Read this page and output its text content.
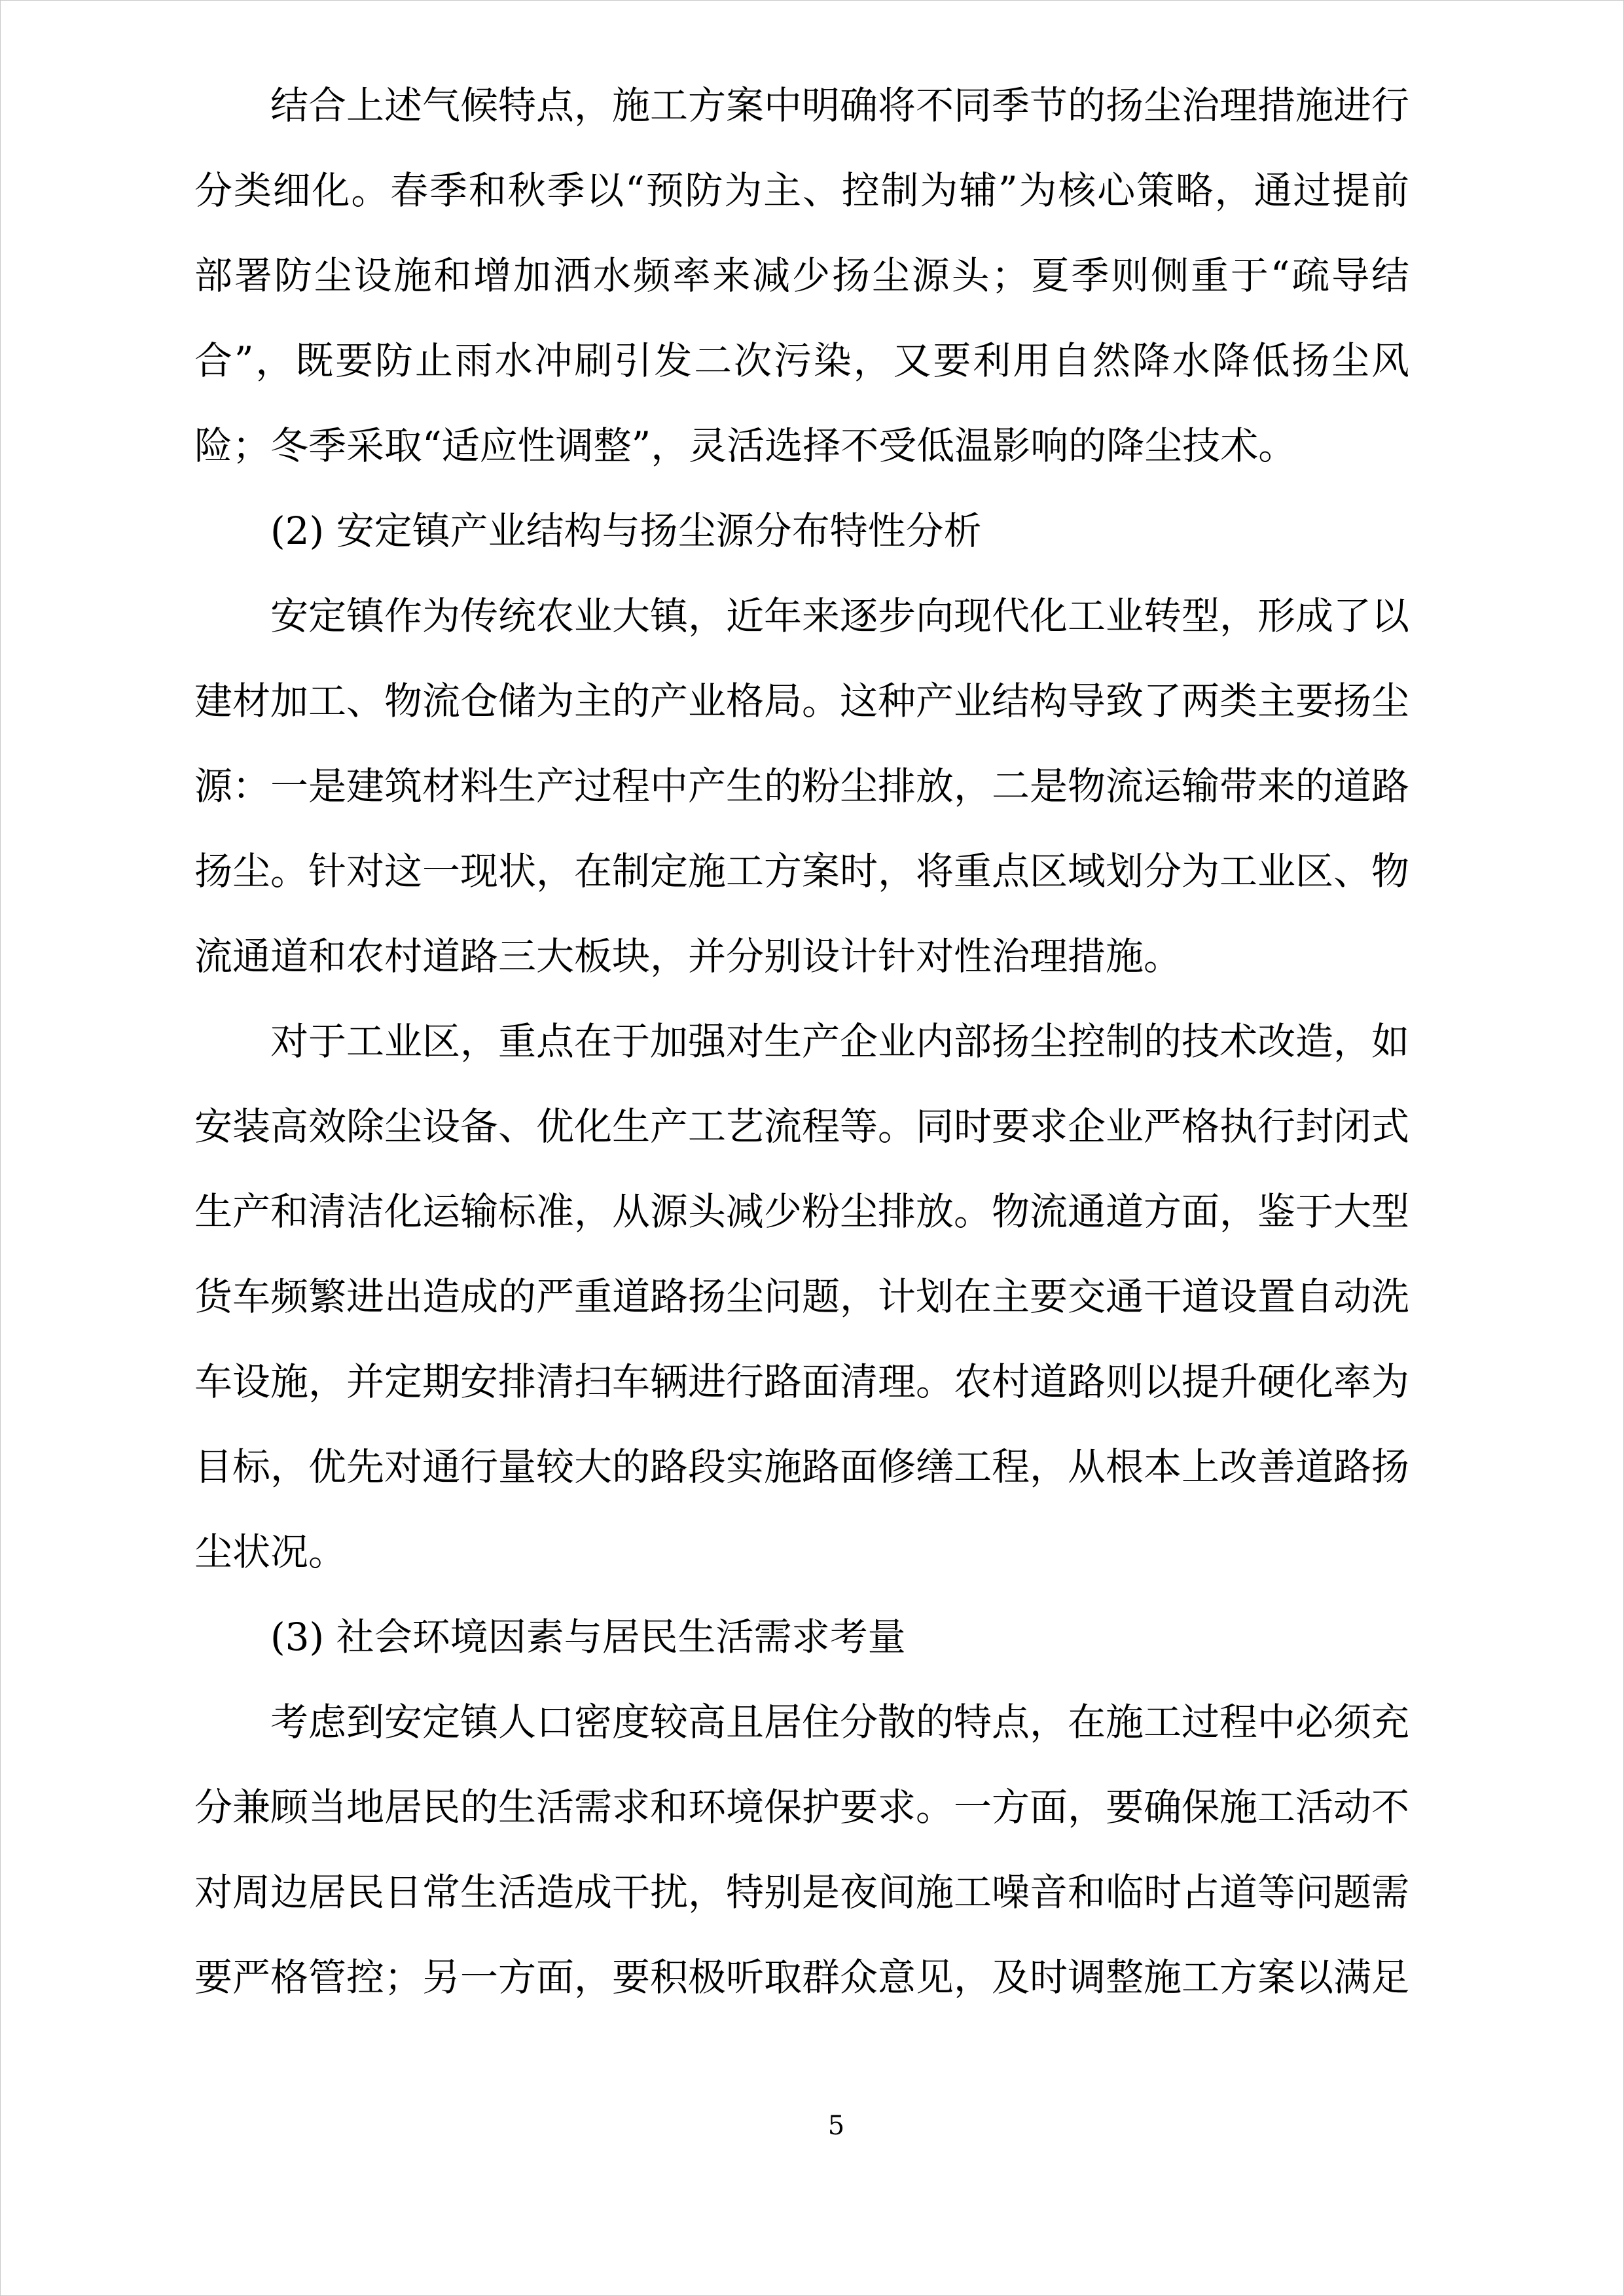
结合上述气候特点，施工方案中明确将不同季节的扬尘治理措施进行分类细化。春季和秋季以“预防为主、控制为辅”为核心策略，通过提前部署防尘设施和增加洒水频率来减少扬尘源头；夏季则侧重于“疏导结合”，既要防止雨水冲刷引发二次污染，又要利用自然降水降低扬尘风险；冬季采取“适应性调整”，灵活选择不受低温影响的降尘技术。

(2) 安定镇产业结构与扬尘源分布特性分析

安定镇作为传统农业大镇，近年来逐步向现代化工业转型，形成了以建材加工、物流仓储为主的产业格局。这种产业结构导致了两类主要扬尘源：一是建筑材料生产过程中产生的粉尘排放，二是物流运输带来的道路扬尘。针对这一现状，在制定施工方案时，将重点区域划分为工业区、物流通道和农村道路三大板块，并分别设计针对性治理措施。

对于工业区，重点在于加强对生产企业内部扬尘控制的技术改造，如安装高效除尘设备、优化生产工艺流程等。同时要求企业严格执行封闭式生产和清洁化运输标准，从源头减少粉尘排放。物流通道方面，鉴于大型货车频繁进出造成的严重道路扬尘问题，计划在主要交通干道设置自动洗车设施，并定期安排清扫车辆进行路面清理。农村道路则以提升硬化率为目标，优先对通行量较大的路段实施路面修缮工程，从根本上改善道路扬尘状况。

(3) 社会环境因素与居民生活需求考量

考虑到安定镇人口密度较高且居住分散的特点，在施工过程中必须充分兼顾当地居民的生活需求和环境保护要求。一方面，要确保施工活动不对周边居民日常生活造成干扰，特别是夜间施工噪音和临时占道等问题需要严格管控；另一方面，要积极听取群众意见，及时调整施工方案以满足

5
